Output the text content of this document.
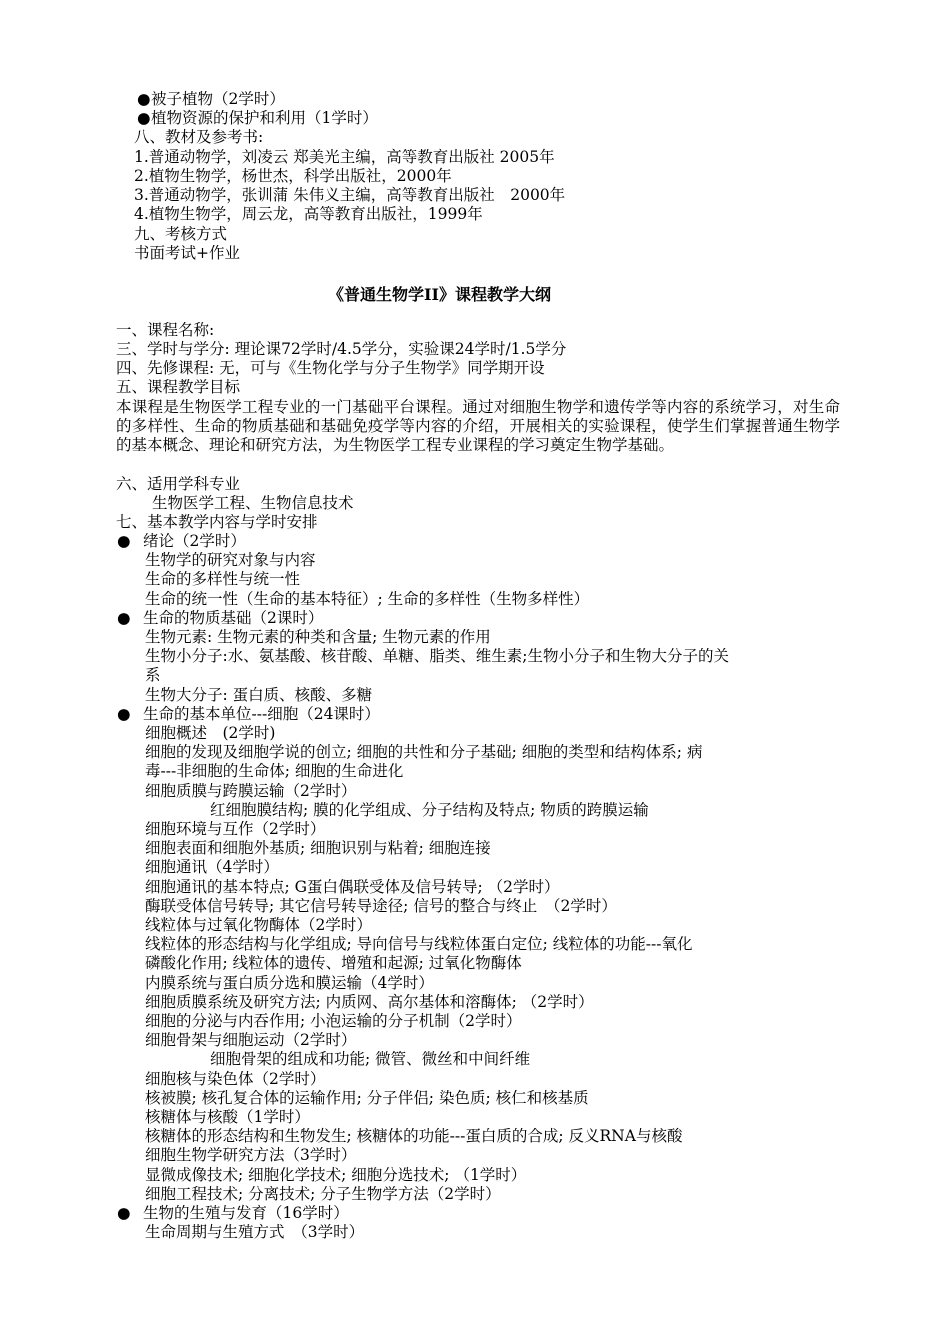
●被子植物（2学时）
●植物资源的保护和利用（1学时）
八、教材及参考书:
1.普通动物学，刘凌云 郑美光主编，高等教育出版社 2005年
2.植物生物学，杨世杰，科学出版社，2000年
3.普通动物学，张训蒲 朱伟义主编，高等教育出版社　2000年
4.植物生物学，周云龙，高等教育出版社，1999年
九、考核方式
书面考试+作业
《普通生物学II》课程教学大纲
一、课程名称:
三、学时与学分: 理论课72学时/4.5学分，实验课24学时/1.5学分
四、先修课程: 无，可与《生物化学与分子生物学》同学期开设
五、课程教学目标
本课程是生物医学工程专业的一门基础平台课程。通过对细胞生物学和遗传学等内容的系统学习，对生命的多样性、生命的物质基础和基础免疫学等内容的介绍，开展相关的实验课程，使学生们掌握普通生物学的基本概念、理论和研究方法，为生物医学工程专业课程的学习奠定生物学基础。
六、适用学科专业
生物医学工程、生物信息技术
七、基本教学内容与学时安排
● 绪论（2学时）
生物学的研究对象与内容
生命的多样性与统一性
生命的统一性（生命的基本特征）; 生命的多样性（生物多样性）
● 生命的物质基础（2课时）
生物元素: 生物元素的种类和含量; 生物元素的作用
生物小分子:水、氨基酸、核苷酸、单糖、脂类、维生素;生物小分子和生物大分子的关
系
生物大分子: 蛋白质、核酸、多糖
● 生命的基本单位---细胞（24课时）
细胞概述　(2学时)
细胞的发现及细胞学说的创立; 细胞的共性和分子基础; 细胞的类型和结构体系; 病
毒---非细胞的生命体; 细胞的生命进化
细胞质膜与跨膜运输（2学时）
红细胞膜结构; 膜的化学组成、分子结构及特点; 物质的跨膜运输
细胞环境与互作（2学时）
细胞表面和细胞外基质; 细胞识别与粘着; 细胞连接
细胞通讯（4学时）
细胞通讯的基本特点; G蛋白偶联受体及信号转导; （2学时）
酶联受体信号转导; 其它信号转导途径; 信号的整合与终止　（2学时）
线粒体与过氧化物酶体（2学时）
线粒体的形态结构与化学组成; 导向信号与线粒体蛋白定位; 线粒体的功能---氧化
磷酸化作用; 线粒体的遗传、增殖和起源; 过氧化物酶体
内膜系统与蛋白质分选和膜运输（4学时）
细胞质膜系统及研究方法; 内质网、高尔基体和溶酶体; （2学时）
细胞的分泌与内吞作用; 小泡运输的分子机制（2学时）
细胞骨架与细胞运动（2学时）
细胞骨架的组成和功能; 微管、微丝和中间纤维
细胞核与染色体（2学时）
核被膜; 核孔复合体的运输作用; 分子伴侣; 染色质; 核仁和核基质
核糖体与核酸（1学时）
核糖体的形态结构和生物发生; 核糖体的功能---蛋白质的合成; 反义RNA与核酸
细胞生物学研究方法（3学时）
显微成像技术; 细胞化学技术; 细胞分选技术; （1学时）
细胞工程技术; 分离技术; 分子生物学方法（2学时）
● 生物的生殖与发育（16学时）
生命周期与生殖方式　（3学时）
